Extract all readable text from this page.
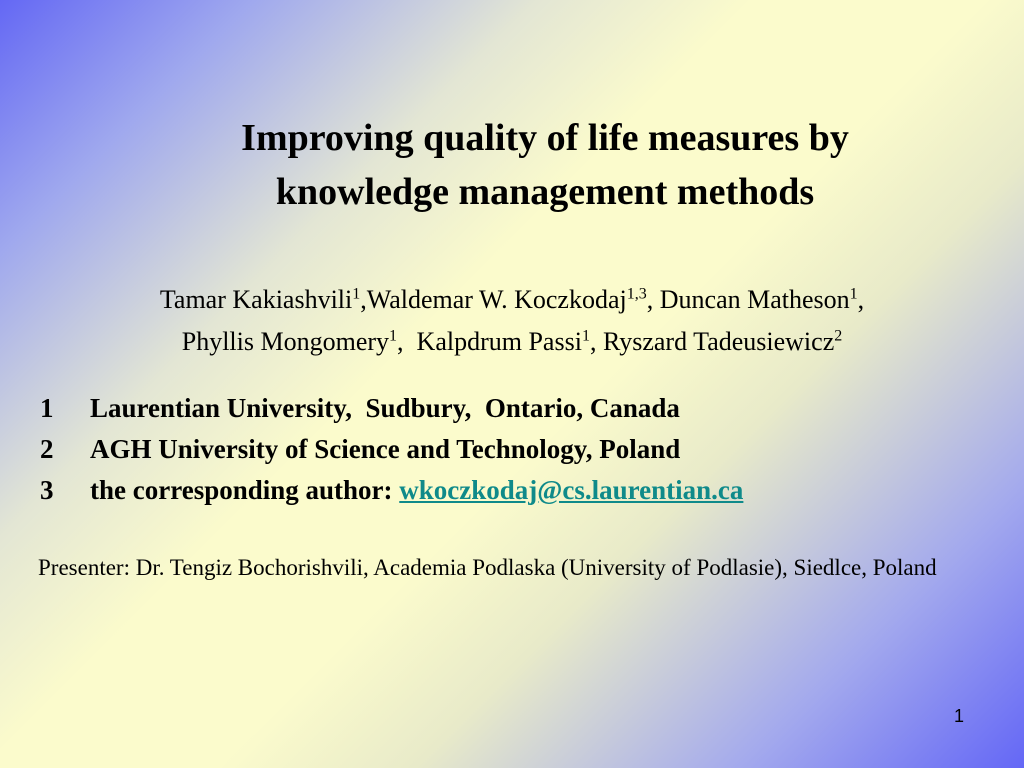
Improving quality of life measures by
knowledge management methods
Tamar Kakiashvili$^1$,Waldemar W. Koczkodaj$^{1,3}$, Duncan Matheson$^1$,
Phyllis Mongomery$^1$,  Kalpdrum Passi$^1$, Ryszard Tadeusiewicz$^2$
1	Laurentian University,  Sudbury,  Ontario, Canada
2	AGH University of Science and Technology, Poland
3	the corresponding author: wkoczkodaj@cs.laurentian.ca
Presenter: Dr. Tengiz Bochorishvili, Academia Podlaska (University of Podlasie), Siedlce, Poland
1
